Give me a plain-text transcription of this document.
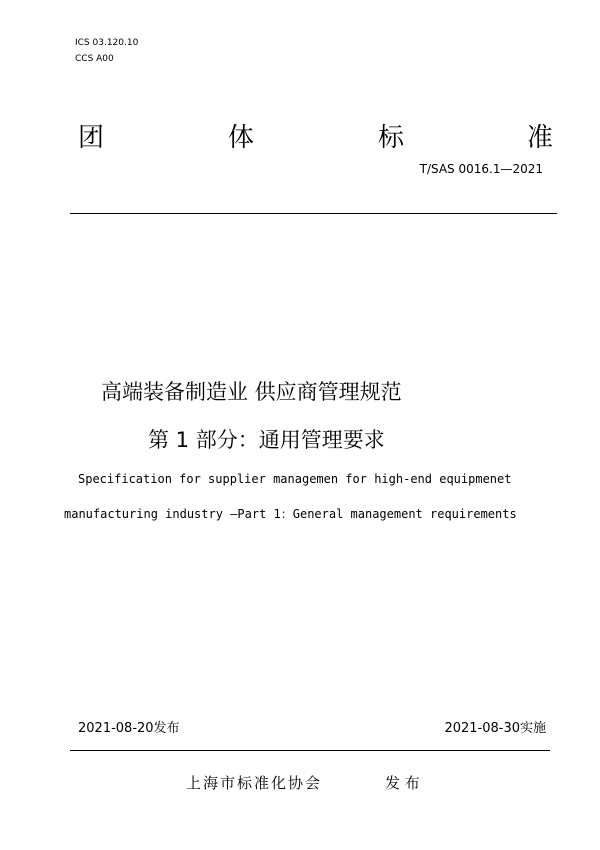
ICS 03.120.10
CCS A00
团	体	标	准
T/SAS 0016.1—2021
高端装备制造业 供应商管理规范
第 1 部分：通用管理要求
Specification for supplier managemen for high-end equipmenet
manufacturing industry —Part 1：General management requirements
2021-08-20发布	2021-08-30实施
上海市标准化协会	发 布
